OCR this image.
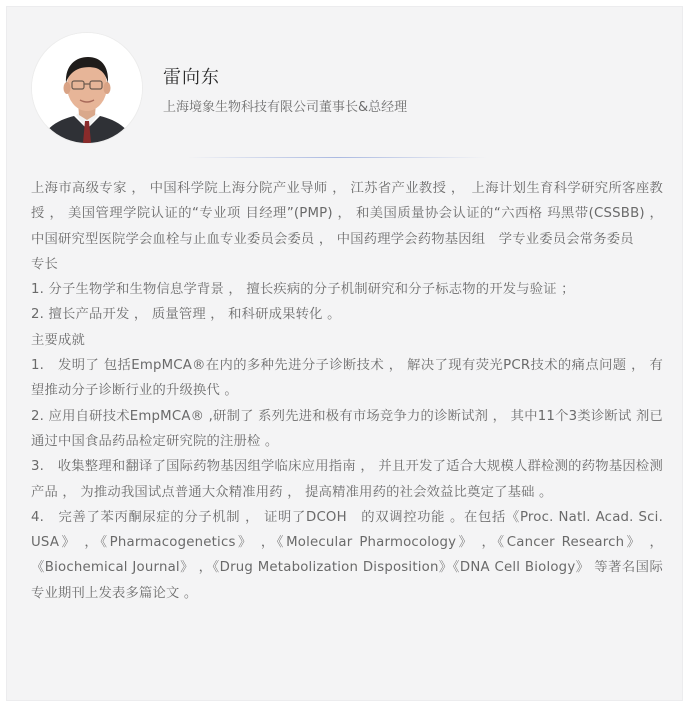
雷向东
上海境象生物科技有限公司董事长&总经理

上海市高级专家 ， 中国科学院上海分院产业导师 ， 江苏省产业教授 ，　上海计划生育科学研究所客座教授 ， 美国管理学院认证的“专业项 目经理”(PMP) ， 和美国质量协会认证的“六西格 玛黑带(CSSBB) ， 中国研究型医院学会血栓与止血专业委员会委员 ， 中国药理学会药物基因组　学专业委员会常务委员

专长

1. 分子生物学和生物信息学背景 ， 擅长疾病的分子机制研究和分子标志物的开发与验证 ；

2. 擅长产品开发 ， 质量管理 ， 和科研成果转化 。

主要成就

1.　发明了 包括EmpMCA®在内的多种先进分子诊断技术 ， 解决了现有荧光PCR技术的痛点问题 ， 有望推动分子诊断行业的升级换代 。

2. 应用自研技术EmpMCA® ,研制了 系列先进和极有市场竞争力的诊断试剂 ， 其中11个3类诊断试 剂已通过中国食品药品检定研究院的注册检 。

3.　收集整理和翻译了国际药物基因组学临床应用指南 ， 并且开发了适合大规模人群检测的药物基因检测产品 ， 为推动我国试点普通大众精准用药 ， 提高精准用药的社会效益比奠定了基础 。

4.　完善了苯丙酮尿症的分子机制 ， 证明了DCOH　的双调控功能 。在包括《Proc. Natl. Acad. Sci. USA》 ，《Pharmacogenetics》 ，《Molecular Pharmocology》 ，《Cancer Research》 ，《Biochemical Journal》 ，《Drug Metabolization Disposition》《DNA Cell Biology》 等著名国际 专业期刊上发表多篇论文 。
